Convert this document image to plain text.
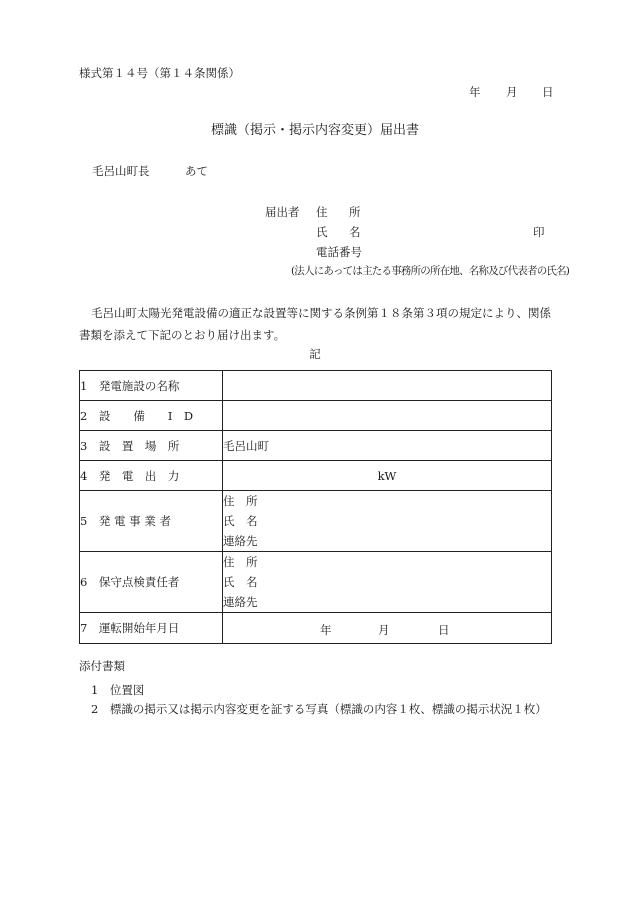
様式第１４号（第１４条関係）
年 月 日
標識（掲示・掲示内容変更）届出書
毛呂山町長	あて
届出者 住 所
氏 名	印
電話番号
(法人にあっては主たる事務所の所在地、名称及び代表者の氏名)
毛呂山町太陽光発電設備の適正な設置等に関する条例第１８条第３項の規定により、関係書類を添えて下記のとおり届け出ます。
記
1　発電施設の名称	
2　設　　備　　I　D	
3　設　置　場　所	毛呂山町
4　発　電　出　力	kW
5　発 電 事 業 者	住　所
氏　名
連絡先

6　保守点検責任者	住　所
氏　名
連絡先

7　運転開始年月日	年 月 日
添付書類
1　位置図
2　標識の掲示又は掲示内容変更を証する写真（標識の内容１枚、標識の掲示状況１枚）
